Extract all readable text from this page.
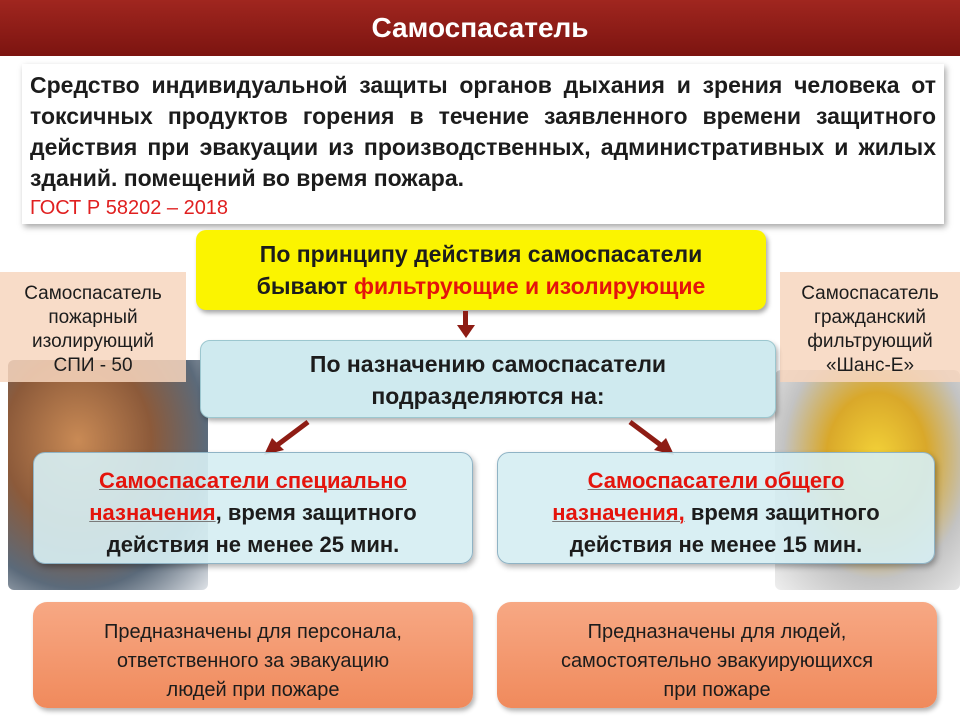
Самоспасатель
Средство индивидуальной защиты органов дыхания и зрения человека от токсичных продуктов горения в течение заявленного времени защитного действия при эвакуации из производственных, административных и жилых зданий. помещений во время пожара.
ГОСТ Р 58202 – 2018
Самоспасатель
пожарный
изолирующий
СПИ - 50
Самоспасатель
гражданский
фильтрующий
«Шанс-Е»
По принципу действия самоспасатели
бывают фильтрующие и изолирующие
По назначению самоспасатели
подразделяются на:
Самоспасатели специально
назначения, время защитного
действия не менее 25 мин.
Самоспасатели общего
назначения, время защитного
действия не менее 15 мин.
Предназначены для персонала,
ответственного за эвакуацию
людей при пожаре
Предназначены для людей,
самостоятельно эвакуирующихся
при пожаре
